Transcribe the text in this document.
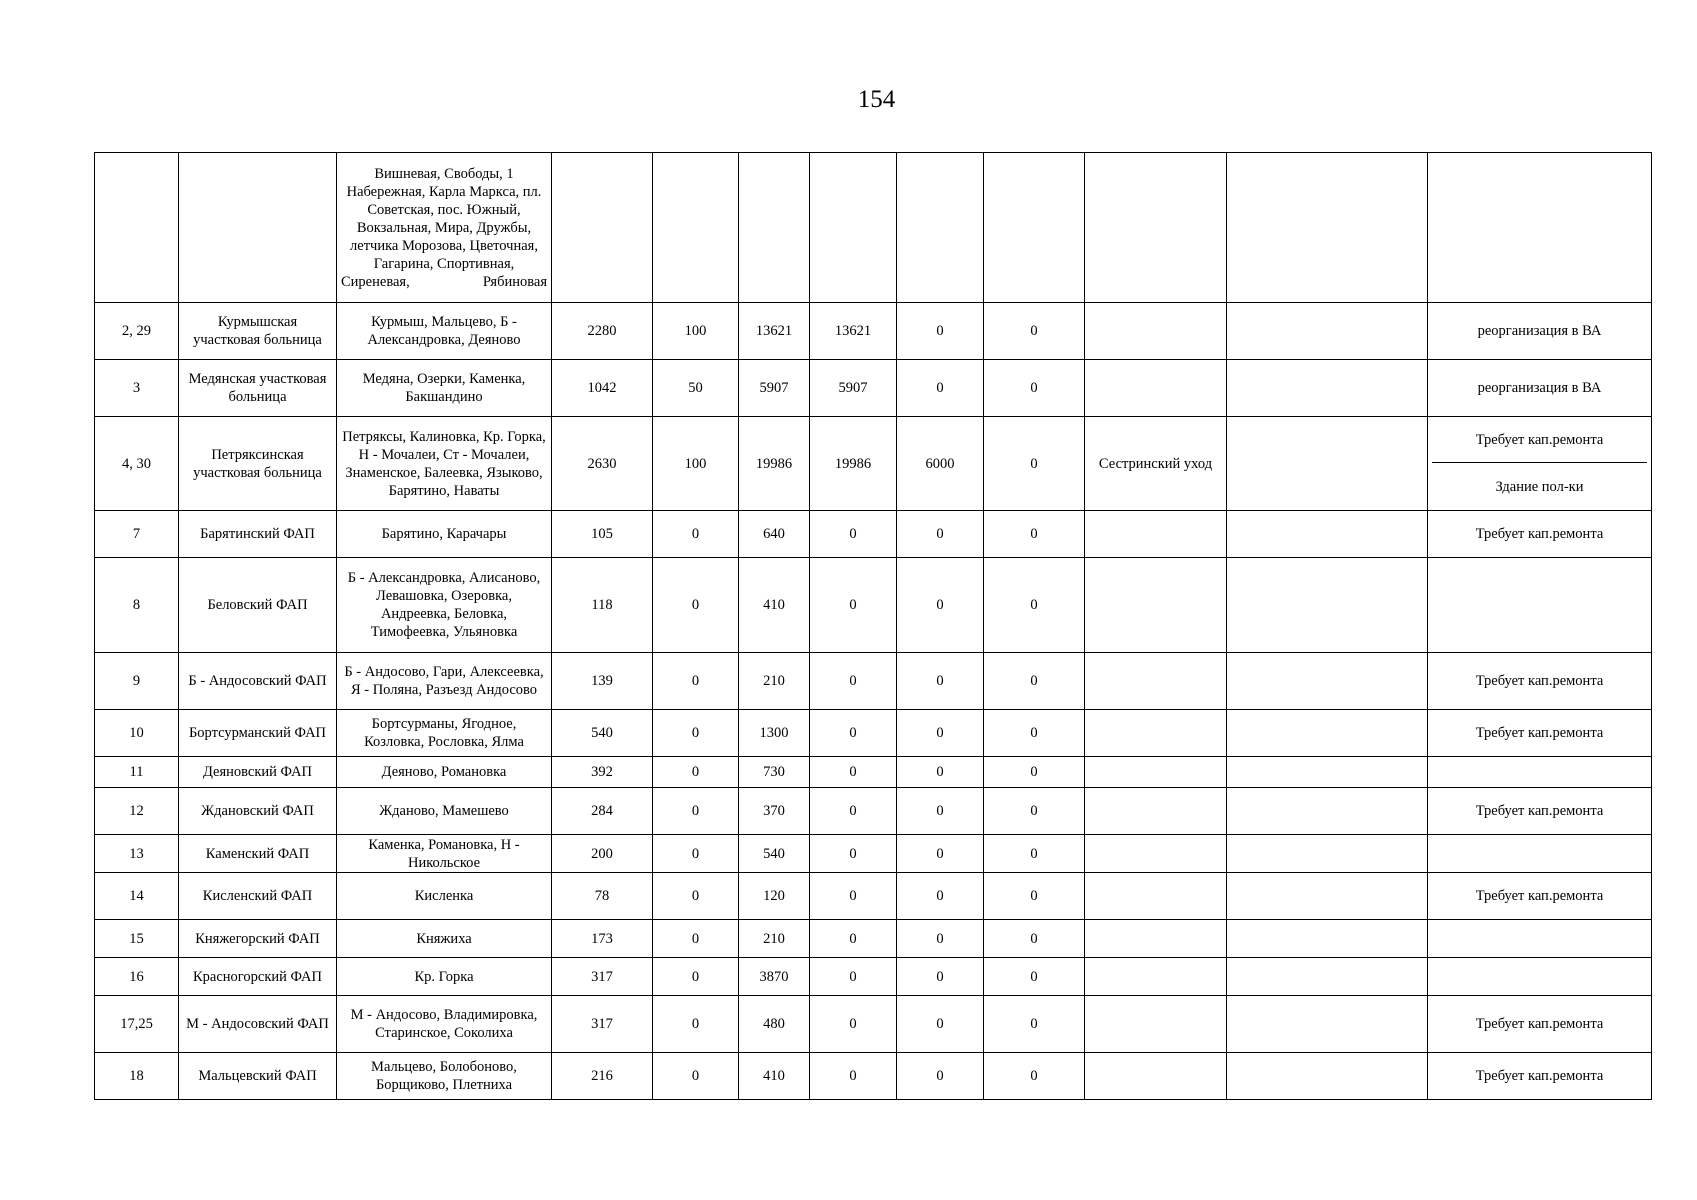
154
		Вишневая, Свободы, 1 Набережная, Карла Маркса, пл. Советская, пос. Южный, Вокзальная, Мира, Дружбы, летчика Морозова, Цветочная, Гагарина, Спортивная, Сиреневая, Рябиновая									
2, 29	Курмышская участковая больница	Курмыш, Мальцево, Б - Александровка, Деяново	2280	100	13621	13621	0	0			реорганизация в ВА
3	Медянская участковая больница	Медяна, Озерки, Каменка, Бакшандино	1042	50	5907	5907	0	0			реорганизация в ВА
4, 30	Петряксинская участковая больница	Петряксы, Калиновка, Кр. Горка, Н - Мочалеи, Ст - Мочалеи, Знаменское, Балеевка, Языково, Барятино, Наваты	2630	100	19986	19986	6000	0	Сестринский уход		Требует кап.ремонта
Здание пол-ки

7	Барятинский ФАП	Барятино, Карачары	105	0	640	0	0	0			Требует кап.ремонта
8	Беловский ФАП	Б - Александровка, Алисаново, Левашовка, Озеровка, Андреевка, Беловка, Тимофеевка, Ульяновка	118	0	410	0	0	0			
9	Б - Андосовский ФАП	Б - Андосово, Гари, Алексеевка, Я - Поляна, Разъезд Андосово	139	0	210	0	0	0			Требует кап.ремонта
10	Бортсурманский ФАП	Бортсурманы, Ягодное, Козловка, Рословка, Ялма	540	0	1300	0	0	0			Требует кап.ремонта
11	Деяновский ФАП	Деяново, Романовка	392	0	730	0	0	0			
12	Ждановский ФАП	Жданово, Мамешево	284	0	370	0	0	0			Требует кап.ремонта
13	Каменский ФАП	Каменка, Романовка, Н - Никольское	200	0	540	0	0	0			
14	Кисленский ФАП	Кисленка	78	0	120	0	0	0			Требует кап.ремонта
15	Княжегорский ФАП	Княжиха	173	0	210	0	0	0			
16	Красногорский ФАП	Кр. Горка	317	0	3870	0	0	0			
17,25	М - Андосовский ФАП	М - Андосово, Владимировка, Старинское, Соколиха	317	0	480	0	0	0			Требует кап.ремонта
18	Мальцевский ФАП	Мальцево, Болобоново, Борщиково, Плетниха	216	0	410	0	0	0			Требует кап.ремонта
